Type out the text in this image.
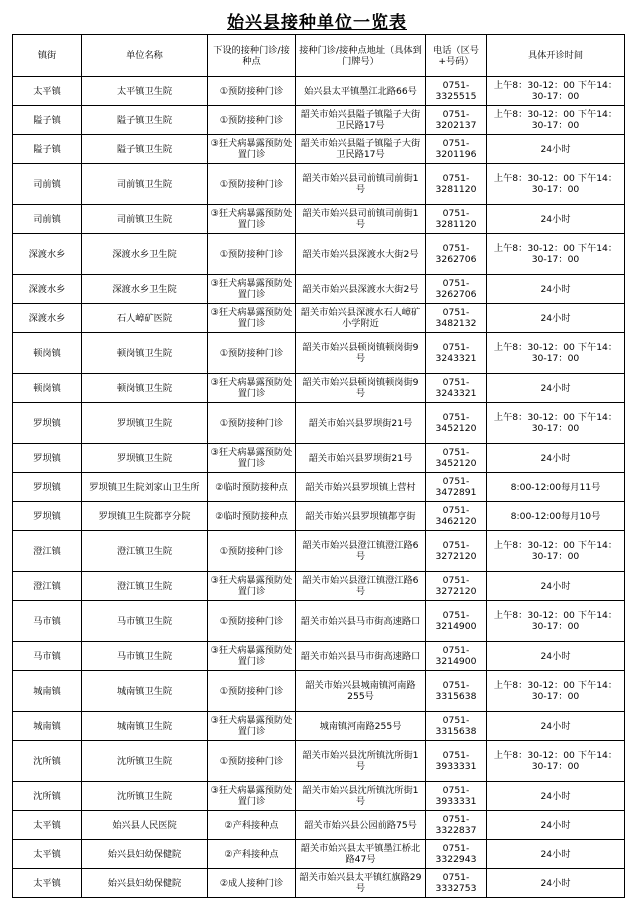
始兴县接种单位一览表
镇街	单位名称	下设的接种门诊/接种点	接种门诊/接种点地址（具体到门牌号）	电话（区号+号码）	具体开诊时间
太平镇	太平镇卫生院	①预防接种门诊	始兴县太平镇墨江北路66号	0751-3325515	上午8：30-12：00 下午14：30-17：00
隘子镇	隘子镇卫生院	①预防接种门诊	韶关市始兴县隘子镇隘子大街卫民路17号	0751-3202137	上午8：30-12：00 下午14：30-17：00
隘子镇	隘子镇卫生院	③狂犬病暴露预防处置门诊	韶关市始兴县隘子镇隘子大街卫民路17号	0751-3201196	24小时
司前镇	司前镇卫生院	①预防接种门诊	韶关市始兴县司前镇司前街1号	0751-3281120	上午8：30-12：00 下午14：30-17：00
司前镇	司前镇卫生院	③狂犬病暴露预防处置门诊	韶关市始兴县司前镇司前街1号	0751-3281120	24小时
深渡水乡	深渡水乡卫生院	①预防接种门诊	韶关市始兴县深渡水大街2号	0751-3262706	上午8：30-12：00 下午14：30-17：00
深渡水乡	深渡水乡卫生院	③狂犬病暴露预防处置门诊	韶关市始兴县深渡水大街2号	0751-3262706	24小时
深渡水乡	石人嶂矿医院	③狂犬病暴露预防处置门诊	韶关市始兴县深渡水石人嶂矿小学附近	0751-3482132	24小时
顿岗镇	顿岗镇卫生院	①预防接种门诊	韶关市始兴县顿岗镇顿岗街9号	0751-3243321	上午8：30-12：00 下午14：30-17：00
顿岗镇	顿岗镇卫生院	③狂犬病暴露预防处置门诊	韶关市始兴县顿岗镇顿岗街9号	0751-3243321	24小时
罗坝镇	罗坝镇卫生院	①预防接种门诊	韶关市始兴县罗坝街21号	0751-3452120	上午8：30-12：00 下午14：30-17：00
罗坝镇	罗坝镇卫生院	③狂犬病暴露预防处置门诊	韶关市始兴县罗坝街21号	0751-3452120	24小时
罗坝镇	罗坝镇卫生院刘家山卫生所	②临时预防接种点	韶关市始兴县罗坝镇上营村	0751-3472891	8:00-12:00每月11号
罗坝镇	罗坝镇卫生院都亨分院	②临时预防接种点	韶关市始兴县罗坝镇都亨街	0751-3462120	8:00-12:00每月10号
澄江镇	澄江镇卫生院	①预防接种门诊	韶关市始兴县澄江镇澄江路6号	0751-3272120	上午8：30-12：00 下午14：30-17：00
澄江镇	澄江镇卫生院	③狂犬病暴露预防处置门诊	韶关市始兴县澄江镇澄江路6号	0751-3272120	24小时
马市镇	马市镇卫生院	①预防接种门诊	韶关市始兴县马市街高速路口	0751-3214900	上午8：30-12：00 下午14：30-17：00
马市镇	马市镇卫生院	③狂犬病暴露预防处置门诊	韶关市始兴县马市街高速路口	0751-3214900	24小时
城南镇	城南镇卫生院	①预防接种门诊	韶关市始兴县城南镇河南路255号	0751-3315638	上午8：30-12：00 下午14：30-17：00
城南镇	城南镇卫生院	③狂犬病暴露预防处置门诊	城南镇河南路255号	0751-3315638	24小时
沈所镇	沈所镇卫生院	①预防接种门诊	韶关市始兴县沈所镇沈所街1号	0751-3933331	上午8：30-12：00 下午14：30-17：00
沈所镇	沈所镇卫生院	③狂犬病暴露预防处置门诊	韶关市始兴县沈所镇沈所街1号	0751-3933331	24小时
太平镇	始兴县人民医院	②产科接种点	韶关市始兴县公园前路75号	0751-3322837	24小时
太平镇	始兴县妇幼保健院	②产科接种点	韶关市始兴县太平镇墨江桥北路47号	0751-3322943	24小时
太平镇	始兴县妇幼保健院	②成人接种门诊	韶关市始兴县太平镇红旗路29号	0751-3332753	24小时
